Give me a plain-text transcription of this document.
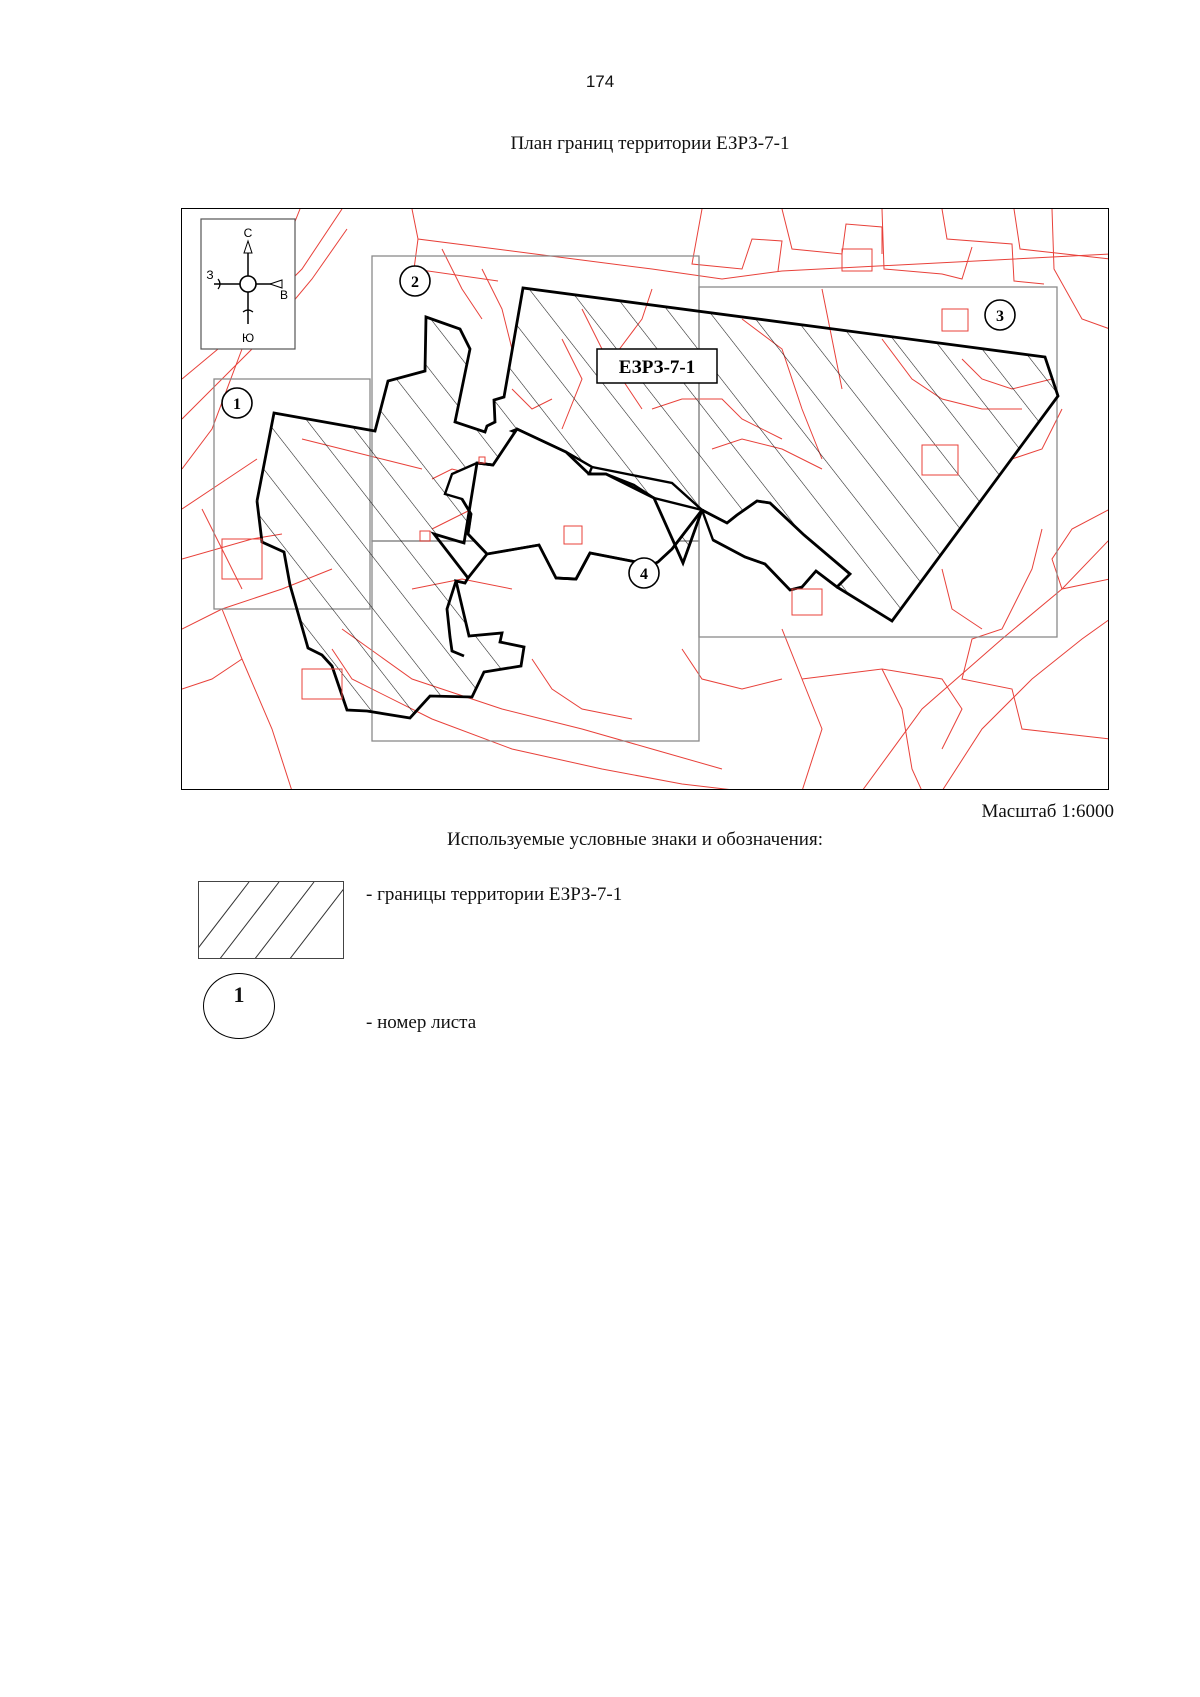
174
План границ территории ЕЗРЗ-7-1
ЕЗРЗ-7-1
1
2
3
4
С
Ю
З
В
Масштаб 1:6000
Используемые условные знаки и обозначения:
- границы территории ЕЗРЗ-7-1
1
- номер листа
